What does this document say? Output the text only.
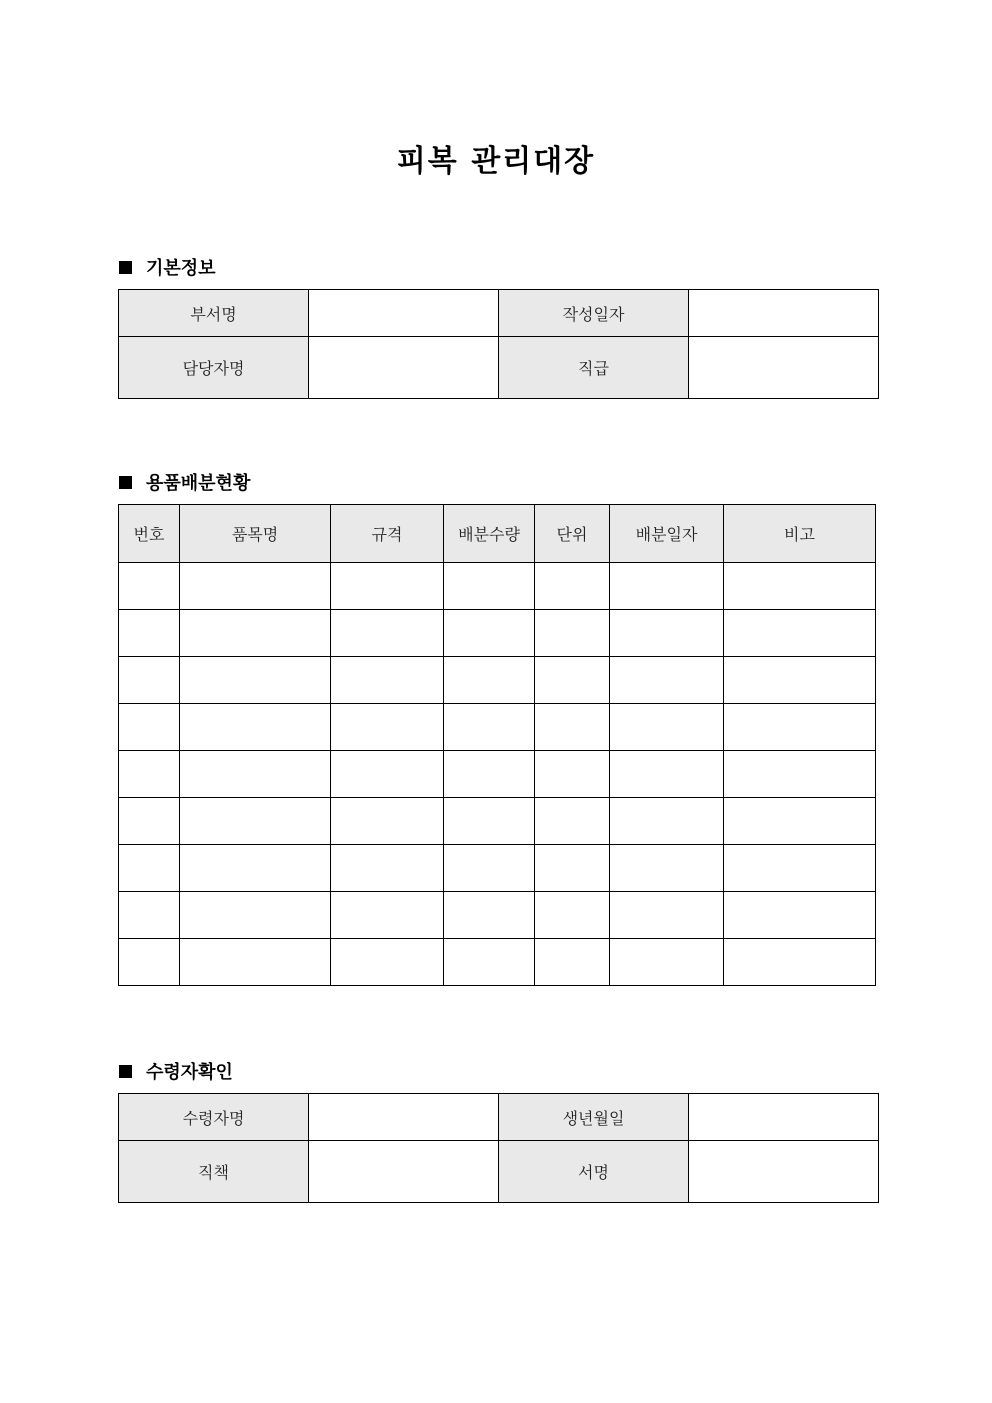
피복 관리대장
기본정보
부서명		작성일자	
담당자명		직급	
용품배분현황
번호	품목명	규격	배분수량	단위	배분일자	비고

수령자확인
수령자명		생년월일	
직책		서명	
